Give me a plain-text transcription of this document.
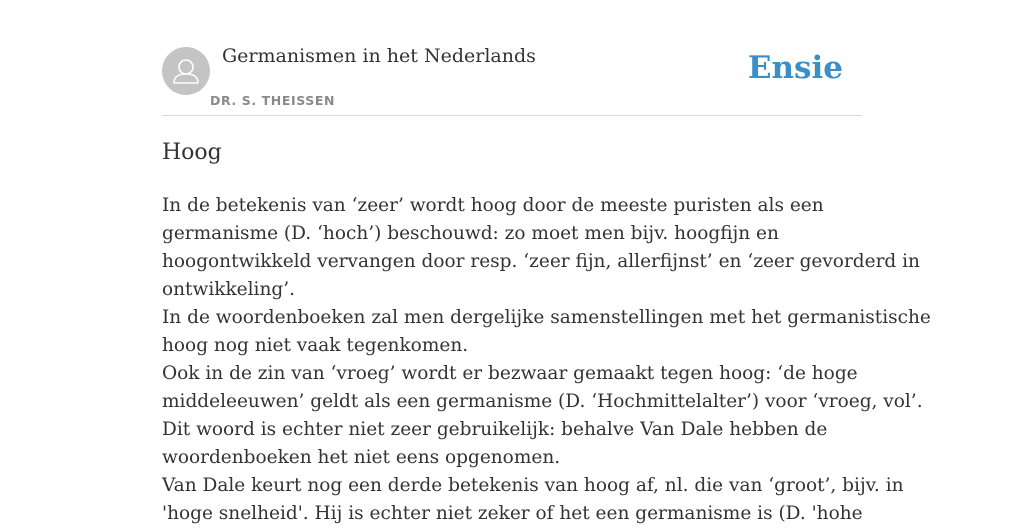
Germanismen in het Nederlands
DR. S. THEISSEN
Ensie
Hoog

In de betekenis van ‘zeer’ wordt hoog door de meeste puristen als een

germanisme (D. ‘hoch’) beschouwd: zo moet men bijv. hoogfijn en

hoogontwikkeld vervangen door resp. ‘zeer fijn, allerfijnst’ en ‘zeer gevorderd in

ontwikkeling’.

In de woordenboeken zal men dergelijke samenstellingen met het germanistische

hoog nog niet vaak tegenkomen.

Ook in de zin van ‘vroeg’ wordt er bezwaar gemaakt tegen hoog: ‘de hoge

middeleeuwen’ geldt als een germanisme (D. ‘Hochmittelalter’) voor ‘vroeg, vol’.

Dit woord is echter niet zeer gebruikelijk: behalve Van Dale hebben de

woordenboeken het niet eens opgenomen.

Van Dale keurt nog een derde betekenis van hoog af, nl. die van ‘groot’, bijv. in

'hoge snelheid'. Hij is echter niet zeker of het een germanisme is (D. 'hohe
